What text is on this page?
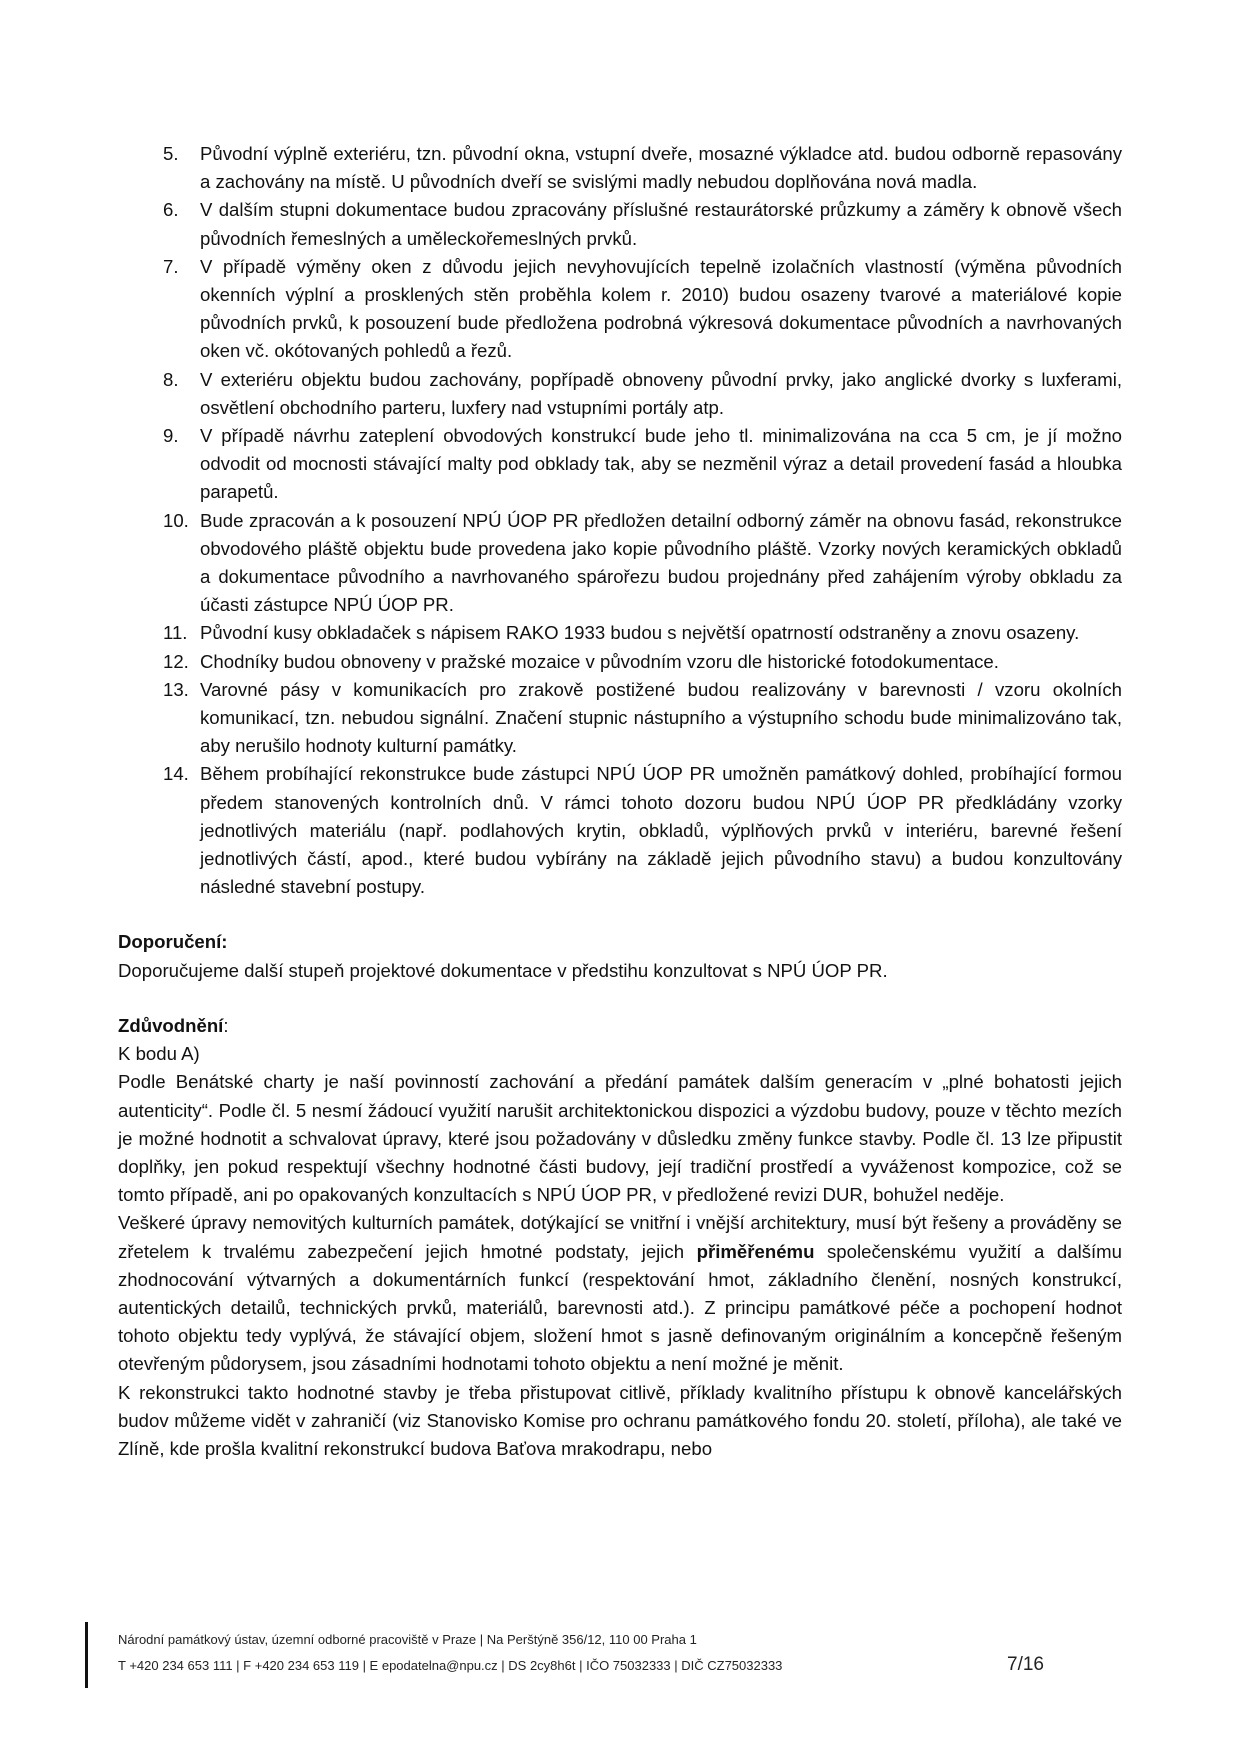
5.	Původní výplně exteriéru, tzn. původní okna, vstupní dveře, mosazné výkladce atd. budou odborně repasovány a zachovány na místě. U původních dveří se svislými madly nebudou doplňována nová madla.
6.	V dalším stupni dokumentace budou zpracovány příslušné restaurátorské průzkumy a záměry k obnově všech původních řemeslných a uměleckořemeslných prvků.
7.	V případě výměny oken z důvodu jejich nevyhovujících tepelně izolačních vlastností (výměna původních okenních výplní a prosklených stěn proběhla kolem r. 2010) budou osazeny tvarové a materiálové kopie původních prvků, k posouzení bude předložena podrobná výkresová dokumentace původních a navrhovaných oken vč. okótovaných pohledů a řezů.
8.	V exteriéru objektu budou zachovány, popřípadě obnoveny původní prvky, jako anglické dvorky s luxferami, osvětlení obchodního parteru, luxfery nad vstupními portály atp.
9.	V případě návrhu zateplení obvodových konstrukcí bude jeho tl. minimalizována na cca 5 cm, je jí možno odvodit od mocnosti stávající malty pod obklady tak, aby se nezměnil výraz a detail provedení fasád a hloubka parapetů.
10. Bude zpracován a k posouzení NPÚ ÚOP PR předložen detailní odborný záměr na obnovu fasád, rekonstrukce obvodového pláště objektu bude provedena jako kopie původního pláště. Vzorky nových keramických obkladů a dokumentace původního a navrhovaného spárořezu budou projednány před zahájením výroby obkladu za účasti zástupce NPÚ ÚOP PR.
11. Původní kusy obkladaček s nápisem RAKO 1933 budou s největší opatrností odstraněny a znovu osazeny.
12. Chodníky budou obnoveny v pražské mozaice v původním vzoru dle historické fotodokumentace.
13. Varovné pásy v komunikacích pro zrakově postižené budou realizovány v barevnosti / vzoru okolních komunikací, tzn. nebudou signální. Značení stupnic nástupního a výstupního schodu bude minimalizováno tak, aby nerušilo hodnoty kulturní památky.
14. Během probíhající rekonstrukce bude zástupci NPÚ ÚOP PR umožněn památkový dohled, probíhající formou předem stanovených kontrolních dnů. V rámci tohoto dozoru budou NPÚ ÚOP PR předkládány vzorky jednotlivých materiálu (např. podlahových krytin, obkladů, výplňových prvků v interiéru, barevné řešení jednotlivých částí, apod., které budou vybírány na základě jejich původního stavu) a budou konzultovány následné stavební postupy.
Doporučení:

Doporučujeme další stupeň projektové dokumentace v předstihu konzultovat s NPÚ ÚOP PR.

Zdůvodnění:
K bodu A)

Podle Benátské charty je naší povinností zachování a předání památek dalším generacím v „plné bohatosti jejich autenticity“. Podle čl. 5 nesmí žádoucí využití narušit architektonickou dispozici a výzdobu budovy, pouze v těchto mezích je možné hodnotit a schvalovat úpravy, které jsou požadovány v důsledku změny funkce stavby. Podle čl. 13 lze připustit doplňky, jen pokud respektují všechny hodnotné části budovy, její tradiční prostředí a vyváženost kompozice, což se tomto případě, ani po opakovaných konzultacích s NPÚ ÚOP PR, v předložené revizi DUR, bohužel neděje.

Veškeré úpravy nemovitých kulturních památek, dotýkající se vnitřní i vnější architektury, musí být řešeny a prováděny se zřetelem k trvalému zabezpečení jejich hmotné podstaty, jejich přiměřenému společenskému využití a dalšímu zhodnocování výtvarných a dokumentárních funkcí (respektování hmot, základního členění, nosných konstrukcí, autentických detailů, technických prvků, materiálů, barevnosti atd.). Z principu památkové péče a pochopení hodnot tohoto objektu tedy vyplývá, že stávající objem, složení hmot s jasně definovaným originálním a koncepčně řešeným otevřeným půdorysem, jsou zásadními hodnotami tohoto objektu a není možné je měnit.

K rekonstrukci takto hodnotné stavby je třeba přistupovat citlivě, příklady kvalitního přístupu k obnově kancelářských budov můžeme vidět v zahraničí (viz Stanovisko Komise pro ochranu památkového fondu 20. století, příloha), ale také ve Zlíně, kde prošla kvalitní rekonstrukcí budova Baťova mrakodrapu, nebo

Národní památkový ústav, územní odborné pracoviště v Praze | Na Perštýně 356/12, 110 00 Praha 1
T +420 234 653 111 | F +420 234 653 119 | E epodatelna@npu.cz | DS 2cy8h6t | IČO 75032333 | DIČ CZ75032333	7/16
